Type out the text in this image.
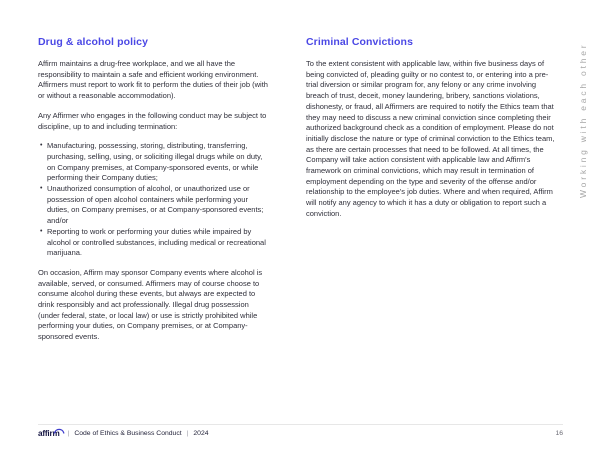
Drug & alcohol policy

Affirm maintains a drug-free workplace, and we all have the responsibility to maintain a safe and efficient working environment. Affirmers must report to work fit to perform the duties of their job (with or without a reasonable accommodation).

Any Affirmer who engages in the following conduct may be subject to discipline, up to and including termination:

• Manufacturing, possessing, storing, distributing, transferring, purchasing, selling, using, or soliciting illegal drugs while on duty, on Company premises, at Company-sponsored events, or while performing their Company duties;
• Unauthorized consumption of alcohol, or unauthorized use or possession of open alcohol containers while performing your duties, on Company premises, or at Company-sponsored events; and/or
• Reporting to work or performing your duties while impaired by alcohol or controlled substances, including medical or recreational marijuana.

On occasion, Affirm may sponsor Company events where alcohol is available, served, or consumed. Affirmers may of course choose to consume alcohol during these events, but always are expected to drink responsibly and act professionally. Illegal drug possession (under federal, state, or local law) or use is strictly prohibited while performing your duties, on Company premises, or at Company-sponsored events.

Criminal Convictions

To the extent consistent with applicable law, within five business days of being convicted of, pleading guilty or no contest to, or entering into a pre-trial diversion or similar program for, any felony or any crime involving breach of trust, deceit, money laundering, bribery, sanctions violations, dishonesty, or fraud, all Affirmers are required to notify the Ethics team that they may need to discuss a new criminal conviction since completing their authorized background check as a condition of employment. Please do not initially disclose the nature or type of criminal conviction to the Ethics team, as there are certain processes that need to be followed. At all times, the Company will take action consistent with applicable law and Affirm's framework on criminal convictions, which may result in termination of employment depending on the type and severity of the offense and/or relationship to the employee's job duties. Where and when required, Affirm will notify any agency to which it has a duty or obligation to report such a conviction.

Working with each other
affirm	| Code of Ethics & Business Conduct | 2024	16
